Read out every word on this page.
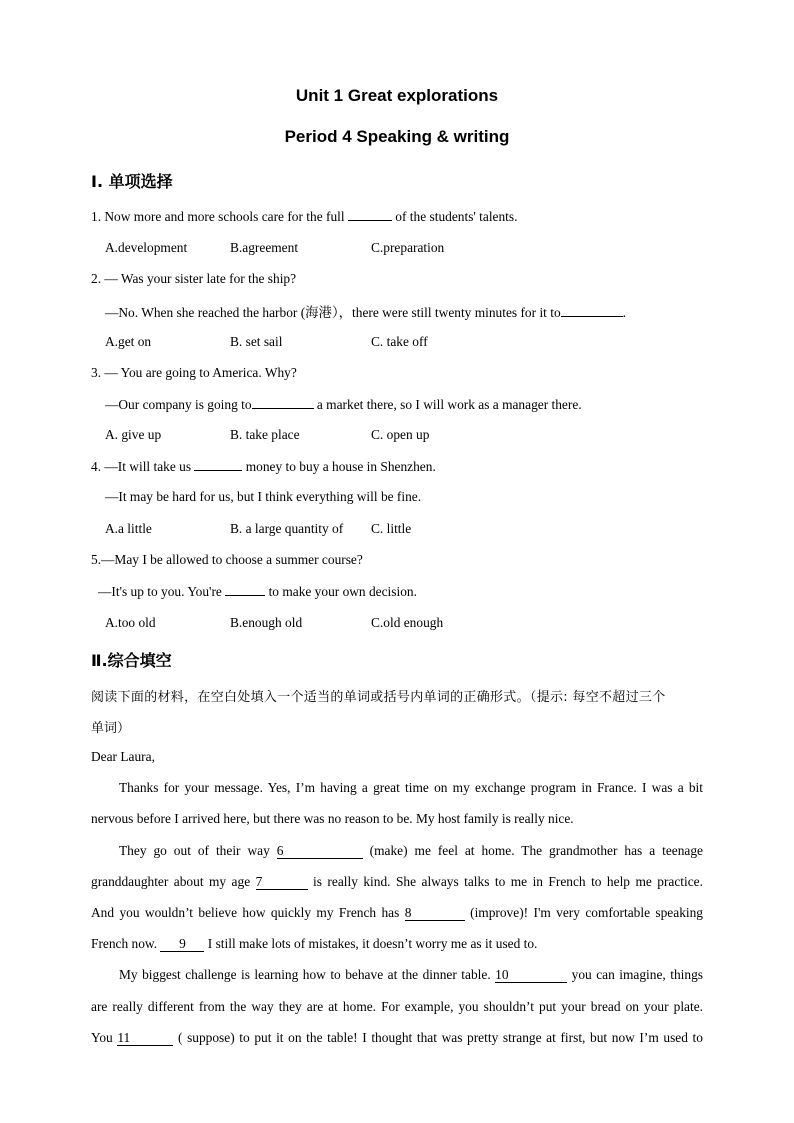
Unit 1 Great explorations
Period 4 Speaking & writing
Ⅰ. 单项选择
1. Now more and more schools care for the full	of the students' talents.
A.development	B.agreement	C.preparation
2. — Was your sister late for the ship?
—No. When she reached the harbor (海港），there were still twenty minutes for it to	.
A.get on	B. set sail	C. take off
3. — You are going to America. Why?
—Our company is going to	a market there, so I will work as a manager there.
A. give up	B. take place	C. open up
4. —It will take us	money to buy a house in Shenzhen.
—It may be hard for us, but I think everything will be fine.
A.a little	B. a large quantity of C. little
5.—May I be allowed to choose a summer course?
—It's up to you. You're	to make your own decision.
A.too old	B.enough old	C.old enough
Ⅱ.综合填空
阅读下面的材料，在空白处填入一个适当的单词或括号内单词的正确形式。（提示: 每空不超过三个
单词）
Dear Laura,
Thanks for your message. Yes, I’m having a great time on my exchange program in France. I was a bit
nervous before I arrived here, but there was no reason to be. My host family is really nice.
They go out of their way 6	(make) me feel at home. The grandmother has a teenage
granddaughter about my age 7	is really kind. She always talks to me in French to help me practice.
And you wouldn’t believe how quickly my French has 8	(improve)! I'm very comfortable speaking
French now. 9 I still make lots of mistakes, it doesn’t worry me as it used to.
My biggest challenge is learning how to behave at the dinner table. 10	you can imagine, things
are really different from the way they are at home. For example, you shouldn’t put your bread on your plate.
You 11	( suppose) to put it on the table! I thought that was pretty strange at first, but now I’m used to
